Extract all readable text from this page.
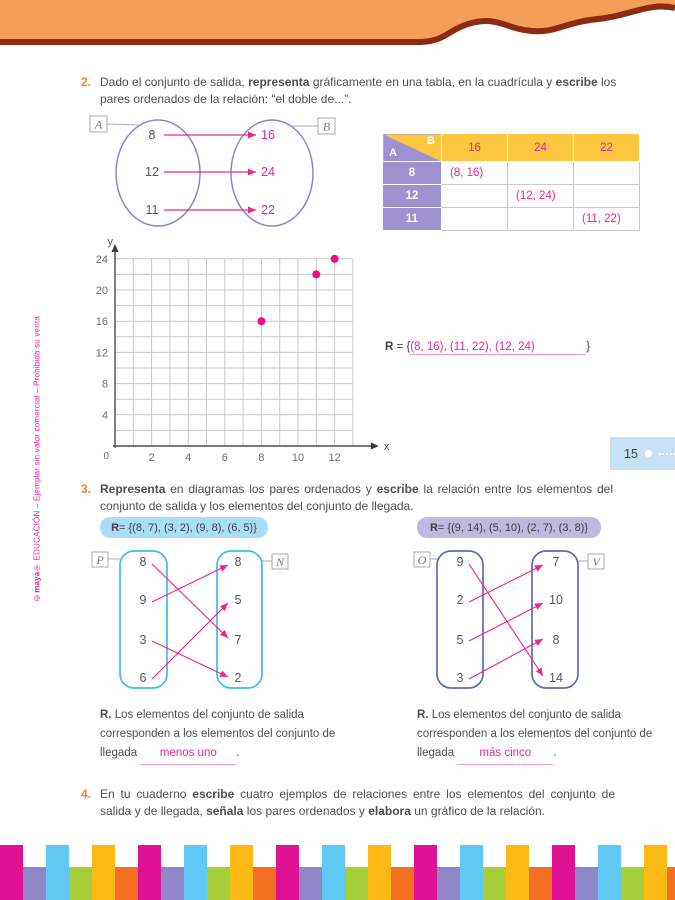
©maya
® EDUCACIÓN – Ejemplar sin valor comercial – Prohibida su venta
2. Dado el conjunto de salida, representa gráficamente en una tabla, en la cuadrícula y escribe los pares ordenados de la relación: “el doble de...”.

A	B
8
12
11
16
24
22
B
A	16	24	22
8	(8, 16)		
12		(12, 24)	
11			(11, 22)
4
8
12
16
20
24
2	4	6	8 10 12
0
y
x
R = {(8, 16), (11, 22), (12, 24)	}
15
3. Representa en diagramas los pares ordenados y escribe la relación entre los elementos del conjunto de salida y los elementos del conjunto de llegada.

R = {(8, 7), (3, 2), (9, 8), (6, 5)}	R = {(9, 14), (5, 10), (2, 7), (3, 8)}
P	N
8
9
3
6
8
5
7
2
O	V
9
2
5
3
7
10
8
14

R. Los elementos del conjunto de salida corresponden a los elementos del conjunto de llegada menos uno .

R. Los elementos del conjunto de salida corresponden a los elementos del conjunto de llegada más cinco .

4. En tu cuaderno escribe cuatro ejemplos de relaciones entre los elementos del conjunto de salida y de llegada, señala los pares ordenados y elabora un gráfico de la relación.
